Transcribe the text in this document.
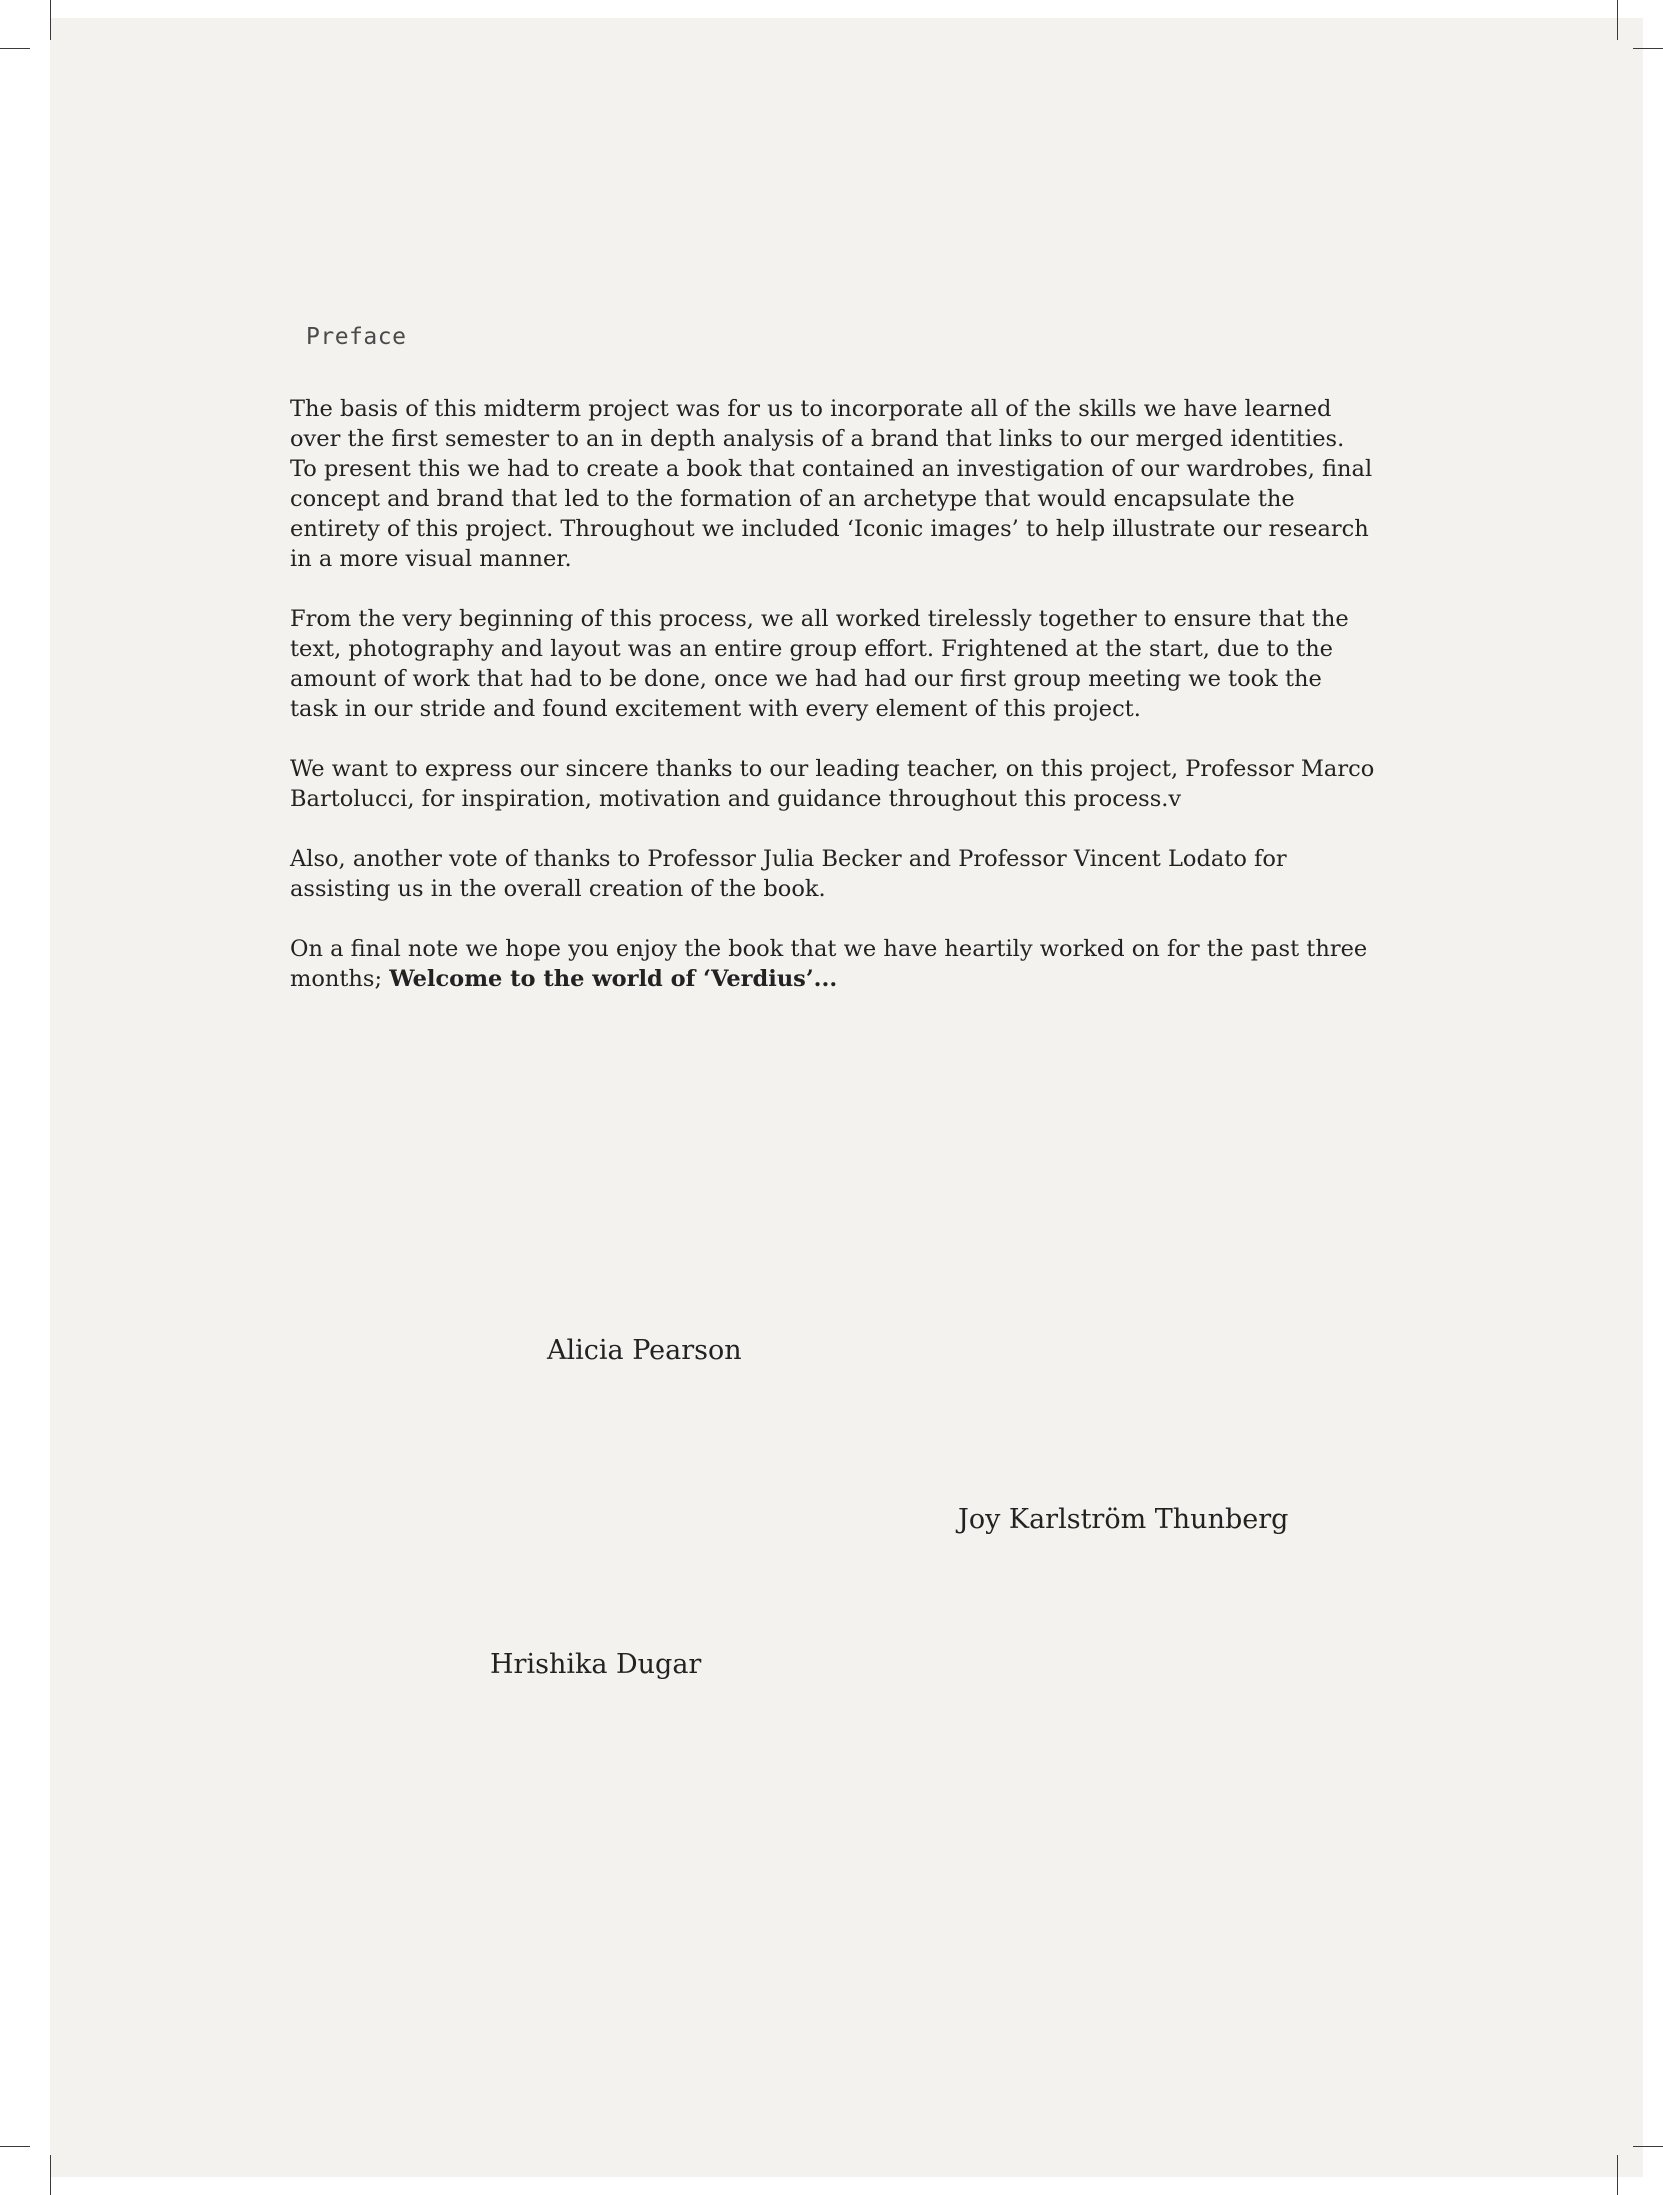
Preface

The basis of this midterm project was for us to incorporate all of the skills we have learned over the first semester to an in depth analysis of a brand that links to our merged identities. To present this we had to create a book that contained an investigation of our wardrobes, final concept and brand that led to the formation of an archetype that would encapsulate the entirety of this project. Throughout we included ‘Iconic images’ to help illustrate our research in a more visual manner.

From the very beginning of this process, we all worked tirelessly together to ensure that the text, photography and layout was an entire group effort. Frightened at the start, due to the amount of work that had to be done, once we had had our first group meeting we took the task in our stride and found excitement with every element of this project.

We want to express our sincere thanks to our leading teacher, on this project, Professor Marco Bartolucci, for inspiration, motivation and guidance throughout this process.v

Also, another vote of thanks to Professor Julia Becker and Professor Vincent Lodato for assisting us in the overall creation of the book.

On a final note we hope you enjoy the book that we have heartily worked on for the past three months; Welcome to the world of ‘Verdius’...

Alicia Pearson
Joy Karlström Thunberg
Hrishika Dugar
